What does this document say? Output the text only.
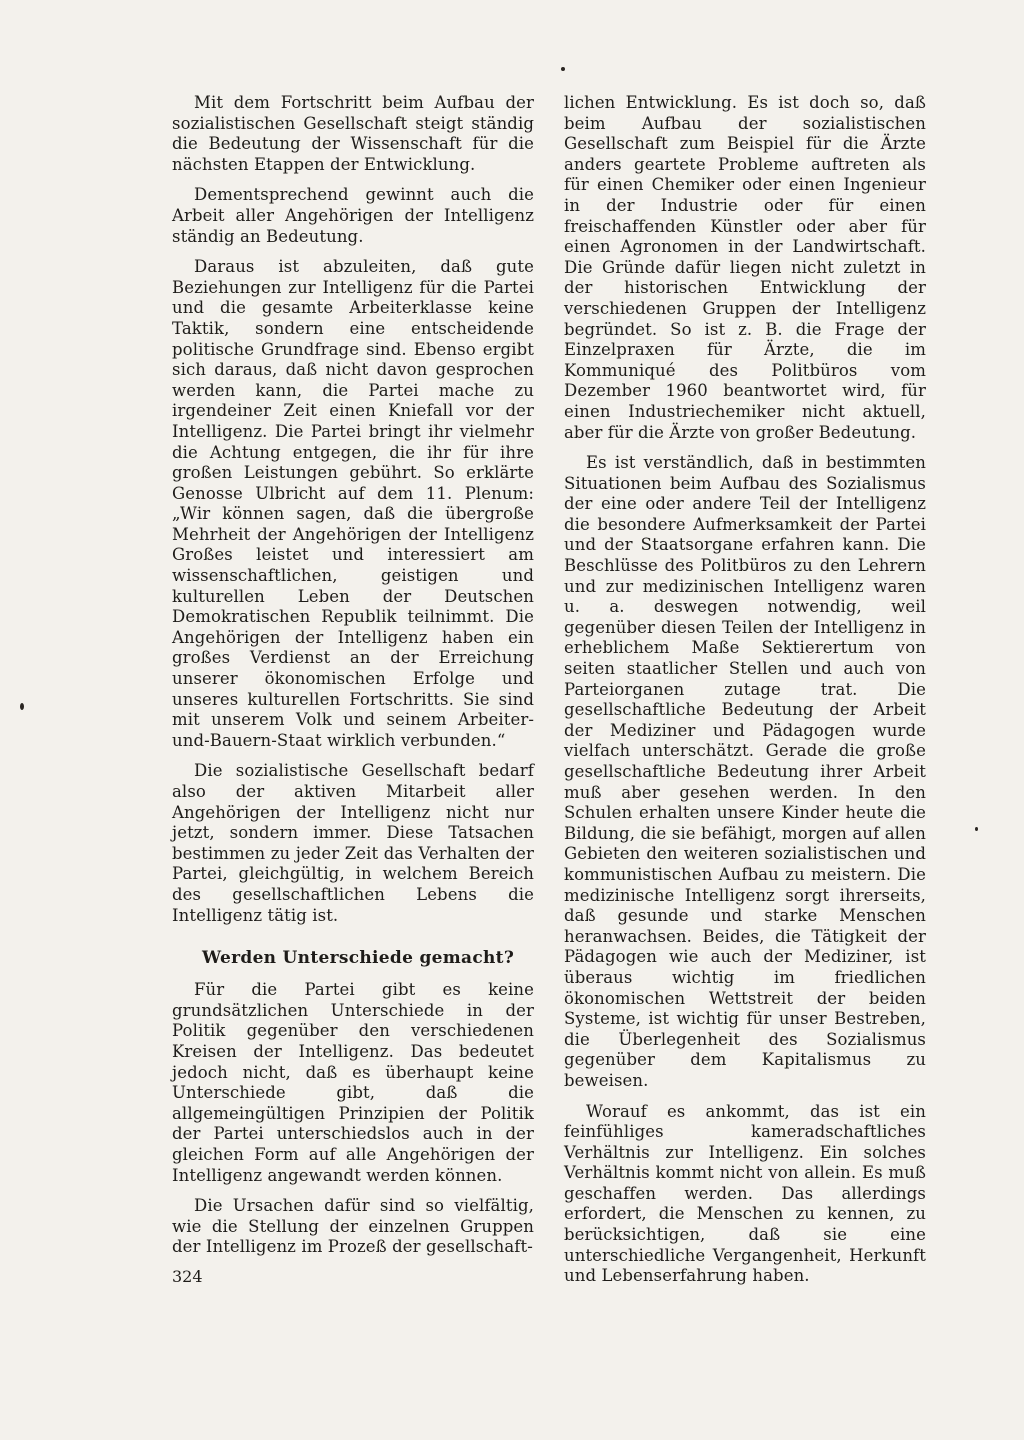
Mit dem Fortschritt beim Aufbau der sozialistischen Gesellschaft steigt ständig die Bedeutung der Wissenschaft für die nächsten Etappen der Entwicklung.

Dementsprechend gewinnt auch die Arbeit aller Angehörigen der Intelligenz ständig an Bedeutung.

Daraus ist abzuleiten, daß gute Beziehungen zur Intelligenz für die Partei und die gesamte Arbeiterklasse keine Taktik, sondern eine entscheidende politische Grundfrage sind. Ebenso ergibt sich daraus, daß nicht davon gesprochen werden kann, die Partei mache zu irgendeiner Zeit einen Kniefall vor der Intelligenz. Die Partei bringt ihr vielmehr die Achtung entgegen, die ihr für ihre großen Leistungen gebührt. So erklärte Genosse Ulbricht auf dem 11. Plenum: „Wir können sagen, daß die übergroße Mehrheit der Angehörigen der Intelligenz Großes leistet und interessiert am wissenschaftlichen, geistigen und kulturellen Leben der Deutschen Demokratischen Republik teilnimmt. Die Angehörigen der Intelligenz haben ein großes Verdienst an der Erreichung unserer ökonomischen Erfolge und unseres kulturellen Fortschritts. Sie sind mit unserem Volk und seinem Arbeiter-und-Bauern-Staat wirklich verbunden.“

Die sozialistische Gesellschaft bedarf also der aktiven Mitarbeit aller Angehörigen der Intelligenz nicht nur jetzt, sondern immer. Diese Tatsachen bestimmen zu jeder Zeit das Verhalten der Partei, gleichgültig, in welchem Bereich des gesellschaftlichen Lebens die Intelligenz tätig ist.

Werden Unterschiede gemacht?

Für die Partei gibt es keine grundsätzlichen Unterschiede in der Politik gegenüber den verschiedenen Kreisen der Intelligenz. Das bedeutet jedoch nicht, daß es überhaupt keine Unterschiede gibt, daß die allgemeingültigen Prinzipien der Politik der Partei unterschiedslos auch in der gleichen Form auf alle Angehörigen der Intelligenz angewandt werden können.

Die Ursachen dafür sind so vielfältig, wie die Stellung der einzelnen Gruppen der Intelligenz im Prozeß der gesellschaft-

lichen Entwicklung. Es ist doch so, daß beim Aufbau der sozialistischen Gesellschaft zum Beispiel für die Ärzte anders geartete Probleme auftreten als für einen Chemiker oder einen Ingenieur in der Industrie oder für einen freischaffenden Künstler oder aber für einen Agronomen in der Landwirtschaft. Die Gründe dafür liegen nicht zuletzt in der historischen Entwicklung der verschiedenen Gruppen der Intelligenz begründet. So ist z. B. die Frage der Einzelpraxen für Ärzte, die im Kommuniqué des Politbüros vom Dezember 1960 beantwortet wird, für einen Industriechemiker nicht aktuell, aber für die Ärzte von großer Bedeutung.

Es ist verständlich, daß in bestimmten Situationen beim Aufbau des Sozialismus der eine oder andere Teil der Intelligenz die besondere Aufmerksamkeit der Partei und der Staatsorgane erfahren kann. Die Beschlüsse des Politbüros zu den Lehrern und zur medizinischen Intelligenz waren u. a. deswegen notwendig, weil gegenüber diesen Teilen der Intelligenz in erheblichem Maße Sektierertum von seiten staatlicher Stellen und auch von Parteiorganen zutage trat. Die gesellschaftliche Bedeutung der Arbeit der Mediziner und Pädagogen wurde vielfach unterschätzt. Gerade die große gesellschaftliche Bedeutung ihrer Arbeit muß aber gesehen werden. In den Schulen erhalten unsere Kinder heute die Bildung, die sie befähigt, morgen auf allen Gebieten den weiteren sozialistischen und kommunistischen Aufbau zu meistern. Die medizinische Intelligenz sorgt ihrerseits, daß gesunde und starke Menschen heranwachsen. Beides, die Tätigkeit der Pädagogen wie auch der Mediziner, ist überaus wichtig im friedlichen ökonomischen Wettstreit der beiden Systeme, ist wichtig für unser Bestreben, die Überlegenheit des Sozialismus gegenüber dem Kapitalismus zu beweisen.

Worauf es ankommt, das ist ein feinfühliges kameradschaftliches Verhältnis zur Intelligenz. Ein solches Verhältnis kommt nicht von allein. Es muß geschaffen werden. Das allerdings erfordert, die Menschen zu kennen, zu berücksichtigen, daß sie eine unterschiedliche Vergangenheit, Herkunft und Lebenserfahrung haben.

324
